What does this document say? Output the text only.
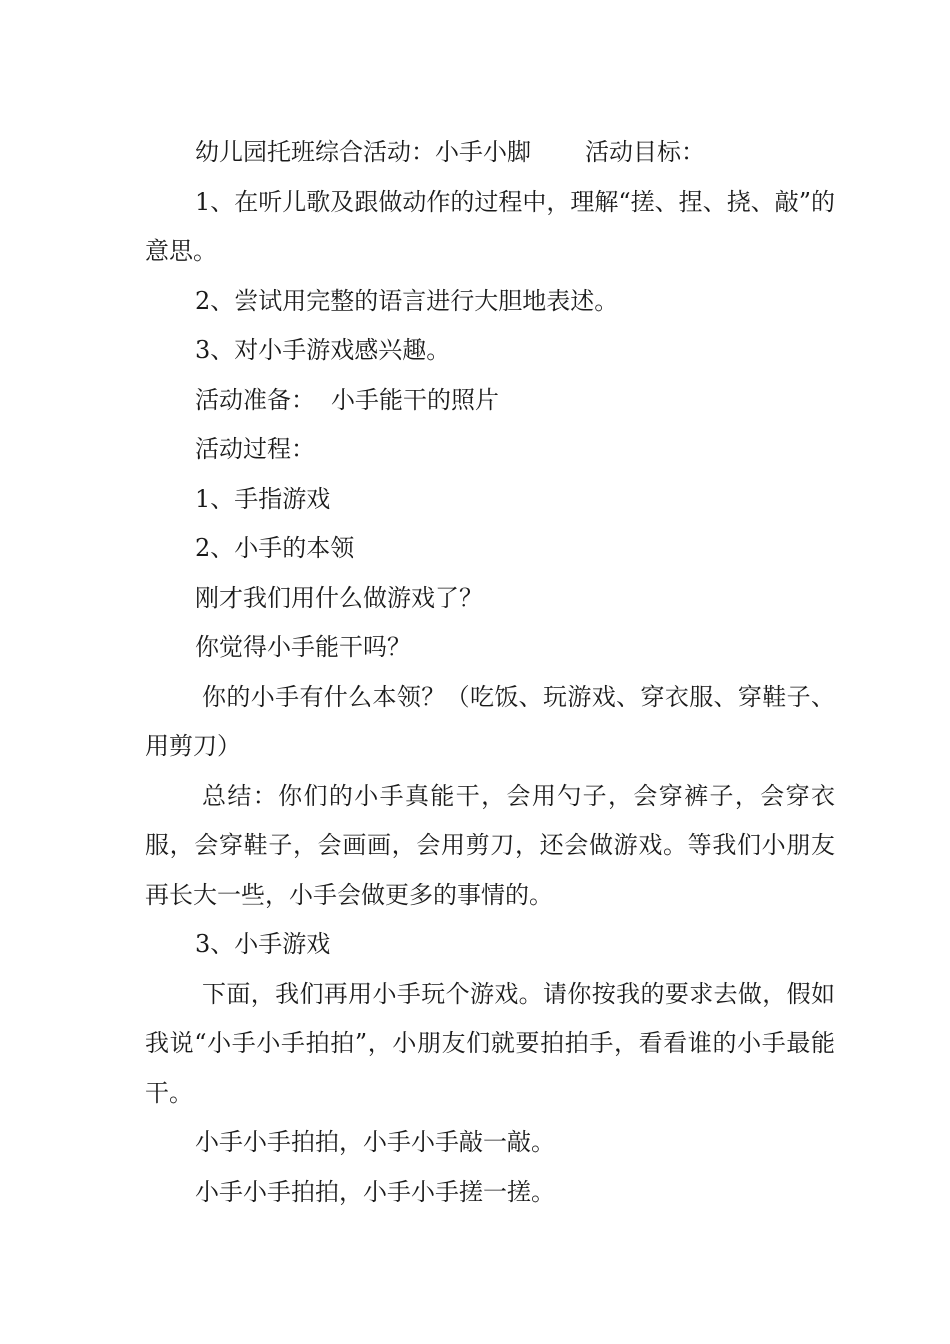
幼儿园托班综合活动：小手小脚 活动目标：

1、在听儿歌及跟做动作的过程中，理解“搓、捏、挠、敲”的意思。

2、尝试用完整的语言进行大胆地表述。

3、对小手游戏感兴趣。

活动准备： 小手能干的照片

活动过程：

1、手指游戏

2、小手的本领

刚才我们用什么做游戏了？

你觉得小手能干吗？

你的小手有什么本领？（吃饭、玩游戏、穿衣服、穿鞋子、用剪刀）

总结：你们的小手真能干，会用勺子，会穿裤子，会穿衣服，会穿鞋子，会画画，会用剪刀，还会做游戏。等我们小朋友再长大一些，小手会做更多的事情的。

3、小手游戏

下面，我们再用小手玩个游戏。请你按我的要求去做，假如我说“小手小手拍拍”，小朋友们就要拍拍手，看看谁的小手最能干。

小手小手拍拍，小手小手敲一敲。

小手小手拍拍，小手小手搓一搓。
